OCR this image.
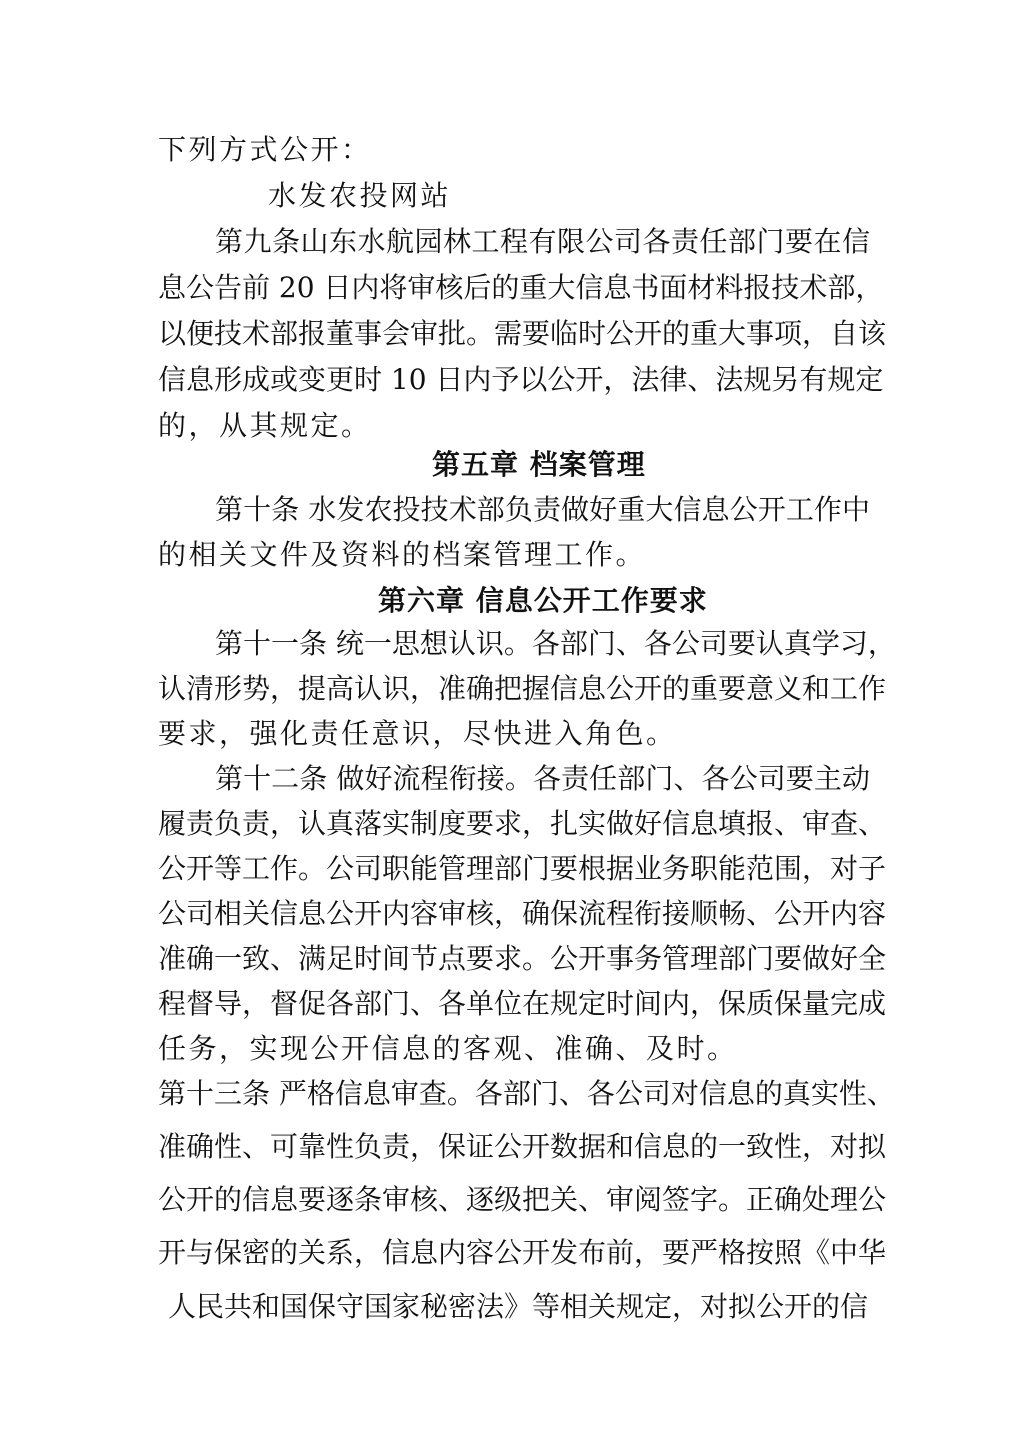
下列方式公开：
水发农投网站
第九条山东水航园林工程有限公司各责任部门要在信
息公告前 20 日内将审核后的重大信息书面材料报技术部，
以便技术部报董事会审批。需要临时公开的重大事项，自该
信息形成或变更时 10 日内予以公开，法律、法规另有规定
的，从其规定。
第五章 档案管理
第十条 水发农投技术部负责做好重大信息公开工作中
的相关文件及资料的档案管理工作。
第六章 信息公开工作要求
第十一条 统一思想认识。各部门、各公司要认真学习，
认清形势，提高认识，准确把握信息公开的重要意义和工作
要求，强化责任意识，尽快进入角色。
第十二条 做好流程衔接。各责任部门、各公司要主动
履责负责，认真落实制度要求，扎实做好信息填报、审查、
公开等工作。公司职能管理部门要根据业务职能范围，对子
公司相关信息公开内容审核，确保流程衔接顺畅、公开内容
准确一致、满足时间节点要求。公开事务管理部门要做好全
程督导，督促各部门、各单位在规定时间内，保质保量完成
任务，实现公开信息的客观、准确、及时。
第十三条 严格信息审查。各部门、各公司对信息的真实性、
准确性、可靠性负责，保证公开数据和信息的一致性，对拟
公开的信息要逐条审核、逐级把关、审阅签字。正确处理公
开与保密的关系，信息内容公开发布前，要严格按照《中华
人民共和国保守国家秘密法》等相关规定，对拟公开的信
